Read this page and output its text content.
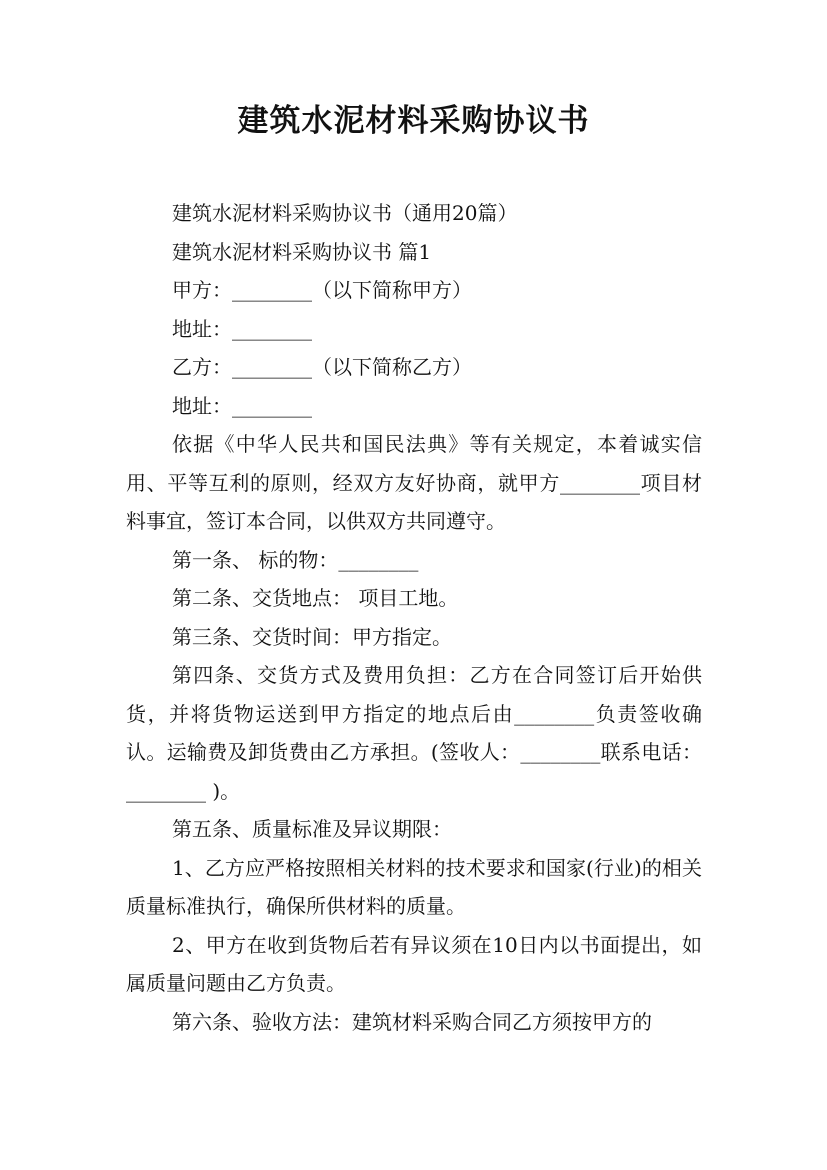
建筑水泥材料采购协议书

建筑水泥材料采购协议书（通用20篇）

建筑水泥材料采购协议书 篇1

甲方：________（以下简称甲方）

地址：________

乙方：________（以下简称乙方）

地址：________

依据《中华人民共和国民法典》等有关规定，本着诚实信用、平等互利的原则，经双方友好协商，就甲方________项目材料事宜，签订本合同，以供双方共同遵守。

第一条、 标的物：________

第二条、交货地点： 项目工地。

第三条、交货时间：甲方指定。

第四条、交货方式及费用负担：乙方在合同签订后开始供货，并将货物运送到甲方指定的地点后由________负责签收确认。运输费及卸货费由乙方承担。(签收人：________联系电话：________ )。

第五条、质量标准及异议期限：

1、乙方应严格按照相关材料的技术要求和国家(行业)的相关质量标准执行，确保所供材料的质量。

2、甲方在收到货物后若有异议须在10日内以书面提出，如属质量问题由乙方负责。

第六条、验收方法：建筑材料采购合同乙方须按甲方的
